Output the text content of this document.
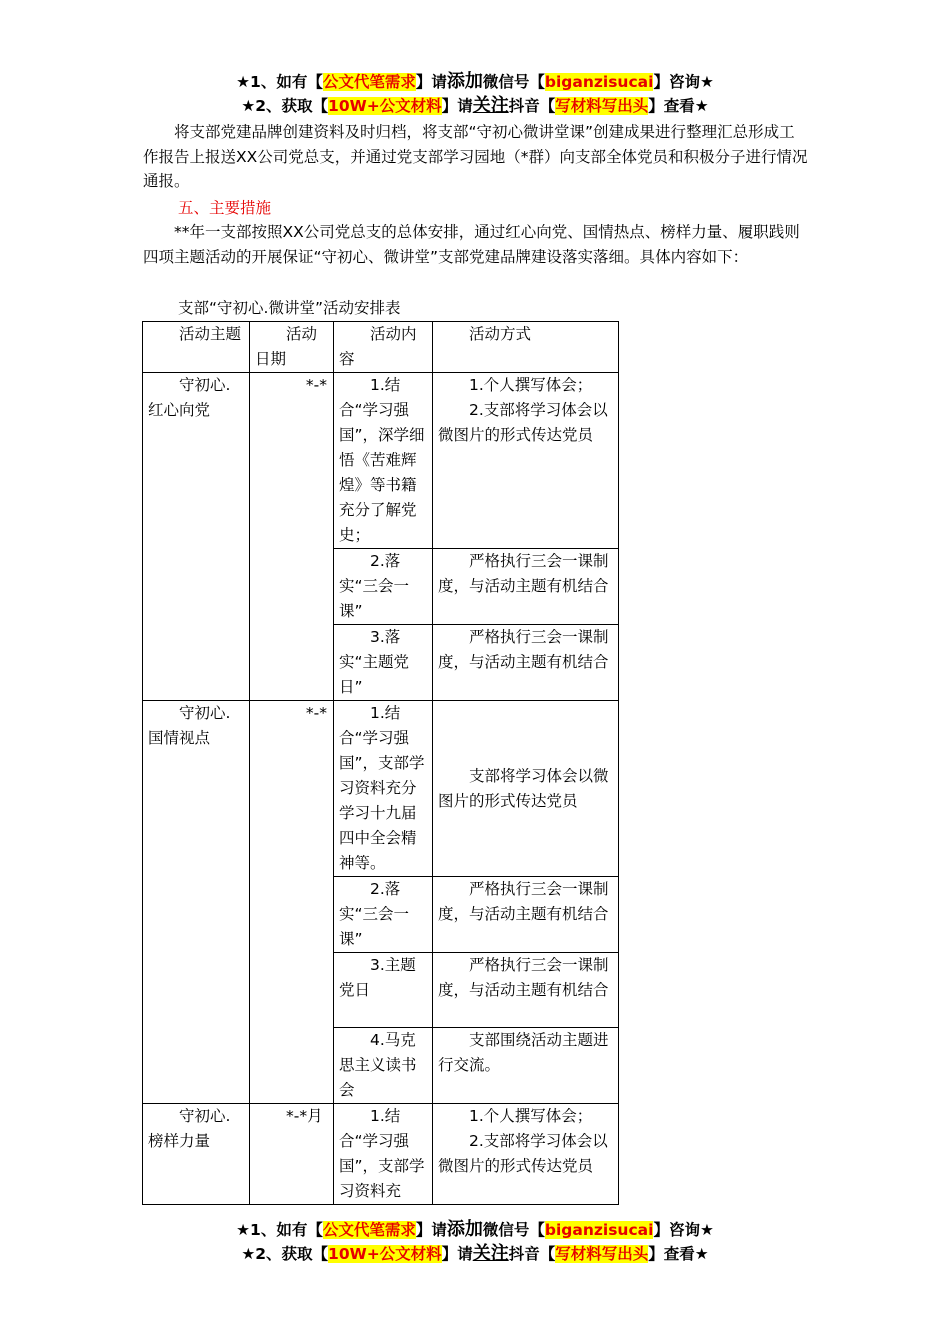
★1、如有【公文代笔需求】请添加微信号【biganzisucai】咨询★
★2、获取【10W+公文材料】请关注抖音【写材料写出头】查看★

将支部党建品牌创建资料及时归档，将支部“守初心微讲堂课”创建成果进行整理汇总形成工作报告上报送XX公司党总支，并通过党支部学习园地（*群）向支部全体党员和积极分子进行情况通报。

五、主要措施

**年一支部按照XX公司党总支的总体安排，通过红心向党、国情热点、榜样力量、履职践则四项主题活动的开展保证“守初心、微讲堂”支部党建品牌建设落实落细。具体内容如下：

支部“守初心.微讲堂”活动安排表

活动主题	活动日期	活动内容	活动方式

守初心.红心向党	*-*	1.结合“学习强国”，深学细悟《苦难辉煌》等书籍充分了解党史；	1.个人撰写体会；
2.支部将学习体会以微图片的形式传达党员

		2.落实“三会一课”	严格执行三会一课制度，与活动主题有机结合

		3.落实“主题党日”	严格执行三会一课制度，与活动主题有机结合

守初心.国情视点	*-*	1.结合“学习强国”，支部学习资料充分学习十九届四中全会精神等。	支部将学习体会以微图片的形式传达党员

		2.落实“三会一课”	严格执行三会一课制度，与活动主题有机结合

		3.主题党日	严格执行三会一课制度，与活动主题有机结合

		4.马克思主义读书会	支部围绕活动主题进行交流。

守初心.榜样力量	*-*月	1.结合“学习强国”，支部学习资料充	1.个人撰写体会；
2.支部将学习体会以微图片的形式传达党员
★1、如有【公文代笔需求】请添加微信号【biganzisucai】咨询★
★2、获取【10W+公文材料】请关注抖音【写材料写出头】查看★
